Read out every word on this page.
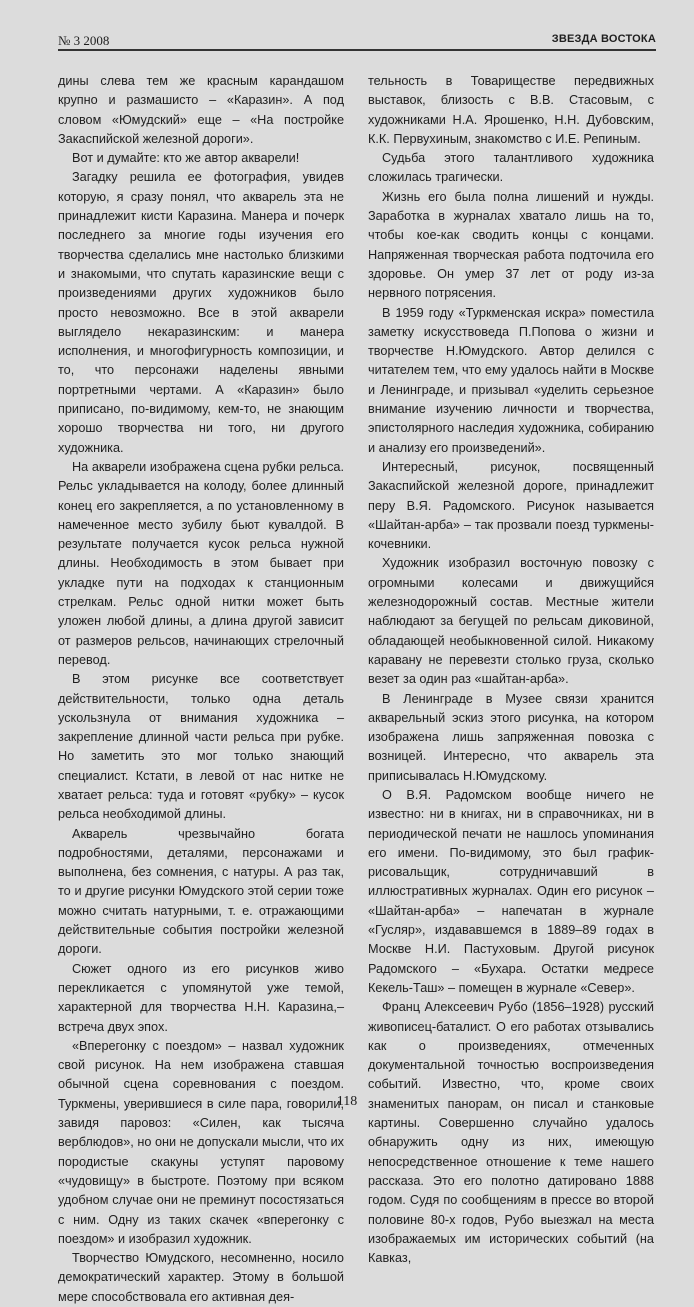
№ 3 2008	ЗВЕЗДА ВОСТОКА

дины слева тем же красным карандашом крупно и размашисто – «Каразин». А под словом «Юмудский» еще – «На постройке Закаспийской железной дороги».

Вот и думайте: кто же автор акварели!

Загадку решила ее фотография, увидев которую, я сразу понял, что акварель эта не принадлежит кисти Каразина. Манера и почерк последнего за многие годы изучения его творчества сделались мне настолько близкими и знакомыми, что спутать каразинские вещи с произведениями других художников было просто невозможно. Все в этой акварели выглядело некаразинским: и манера исполнения, и многофигурность композиции, и то, что персонажи наделены явными портретными чертами. А «Каразин» было приписано, по-видимому, кем-то, не знающим хорошо творчества ни того, ни другого художника.

На акварели изображена сцена рубки рельса. Рельс укладывается на колоду, более длинный конец его закрепляется, а по установленному в намеченное место зубилу бьют кувалдой. В результате получается кусок рельса нужной длины. Необходимость в этом бывает при укладке пути на подходах к станционным стрелкам. Рельс одной нитки может быть уложен любой длины, а длина другой зависит от размеров рельсов, начинающих стрелочный перевод.

В этом рисунке все соответствует действительности, только одна деталь ускользнула от внимания художника – закрепление длинной части рельса при рубке. Но заметить это мог только знающий специалист. Кстати, в левой от нас нитке не хватает рельса: туда и готовят «рубку» – кусок рельса необходимой длины.

Акварель чрезвычайно богата подробностями, деталями, персонажами и выполнена, без сомнения, с натуры. А раз так, то и другие рисунки Юмудского этой серии тоже можно считать натурными, т. е. отражающими действительные события постройки железной дороги.

Сюжет одного из его рисунков живо перекликается с упомянутой уже темой, характерной для творчества Н.Н. Каразина,– встреча двух эпох.

«Вперегонку с поездом» – назвал художник свой рисунок. На нем изображена ставшая обычной сцена соревнования с поездом. Туркмены, уверившиеся в силе пара, говорили, завидя паровоз: «Силен, как тысяча верблюдов», но они не допускали мысли, что их породистые скакуны уступят паровому «чудовищу» в быстроте. Поэтому при всяком удобном случае они не преминут посостязаться с ним. Одну из таких скачек «вперегонку с поездом» и изобразил художник.

Творчество Юмудского, несомненно, носило демократический характер. Этому в большой мере способствовала его активная дея-

тельность в Товариществе передвижных выставок, близость с В.В. Стасовым, с художниками Н.А. Ярошенко, Н.Н. Дубовским, К.К. Первухиным, знакомство с И.Е. Репиным.

Судьба этого талантливого художника сложилась трагически.

Жизнь его была полна лишений и нужды. Заработка в журналах хватало лишь на то, чтобы кое-как сводить концы с концами. Напряженная творческая работа подточила его здоровье. Он умер 37 лет от роду из-за нервного потрясения.

В 1959 году «Туркменская искра» поместила заметку искусствоведа П.Попова о жизни и творчестве Н.Юмудского. Автор делился с читателем тем, что ему удалось найти в Москве и Ленинграде, и призывал «уделить серьезное внимание изучению личности и творчества, эпистолярного наследия художника, собиранию и анализу его произведений».

Интересный, рисунок, посвященный Закаспийской железной дороге, принадлежит перу В.Я. Радомского. Рисунок называется «Шайтан-арба» – так прозвали поезд туркмены-кочевники.

Художник изобразил восточную повозку с огромными колесами и движущийся железнодорожный состав. Местные жители наблюдают за бегущей по рельсам диковиной, обладающей необыкновенной силой. Никакому каравану не перевезти столько груза, сколько везет за один раз «шайтан-арба».

В Ленинграде в Музее связи хранится акварельный эскиз этого рисунка, на котором изображена лишь запряженная повозка с возницей. Интересно, что акварель эта приписывалась Н.Юмудскому.

О В.Я. Радомском вообще ничего не известно: ни в книгах, ни в справочниках, ни в периодической печати не нашлось упоминания его имени. По-видимому, это был график-рисовальщик, сотрудничавший в иллюстративных журналах. Один его рисунок – «Шайтан-арба» – напечатан в журнале «Гусляр», издававшемся в 1889–89 годах в Москве Н.И. Пастуховым. Другой рисунок Радомского – «Бухара. Остатки медресе Кекель-Таш» – помещен в журнале «Север».

Франц Алексеевич Рубо (1856–1928) русский живописец-баталист. О его работах отзывались как о произведениях, отмеченных документальной точностью воспроизведения событий. Известно, что, кроме своих знаменитых панорам, он писал и станковые картины. Совершенно случайно удалось обнаружить одну из них, имеющую непосредственное отношение к теме нашего рассказа. Это его полотно датировано 1888 годом. Судя по сообщениям в прессе во второй половине 80-х годов, Рубо выезжал на места изображаемых им исторических событий (на Кавказ,

118
